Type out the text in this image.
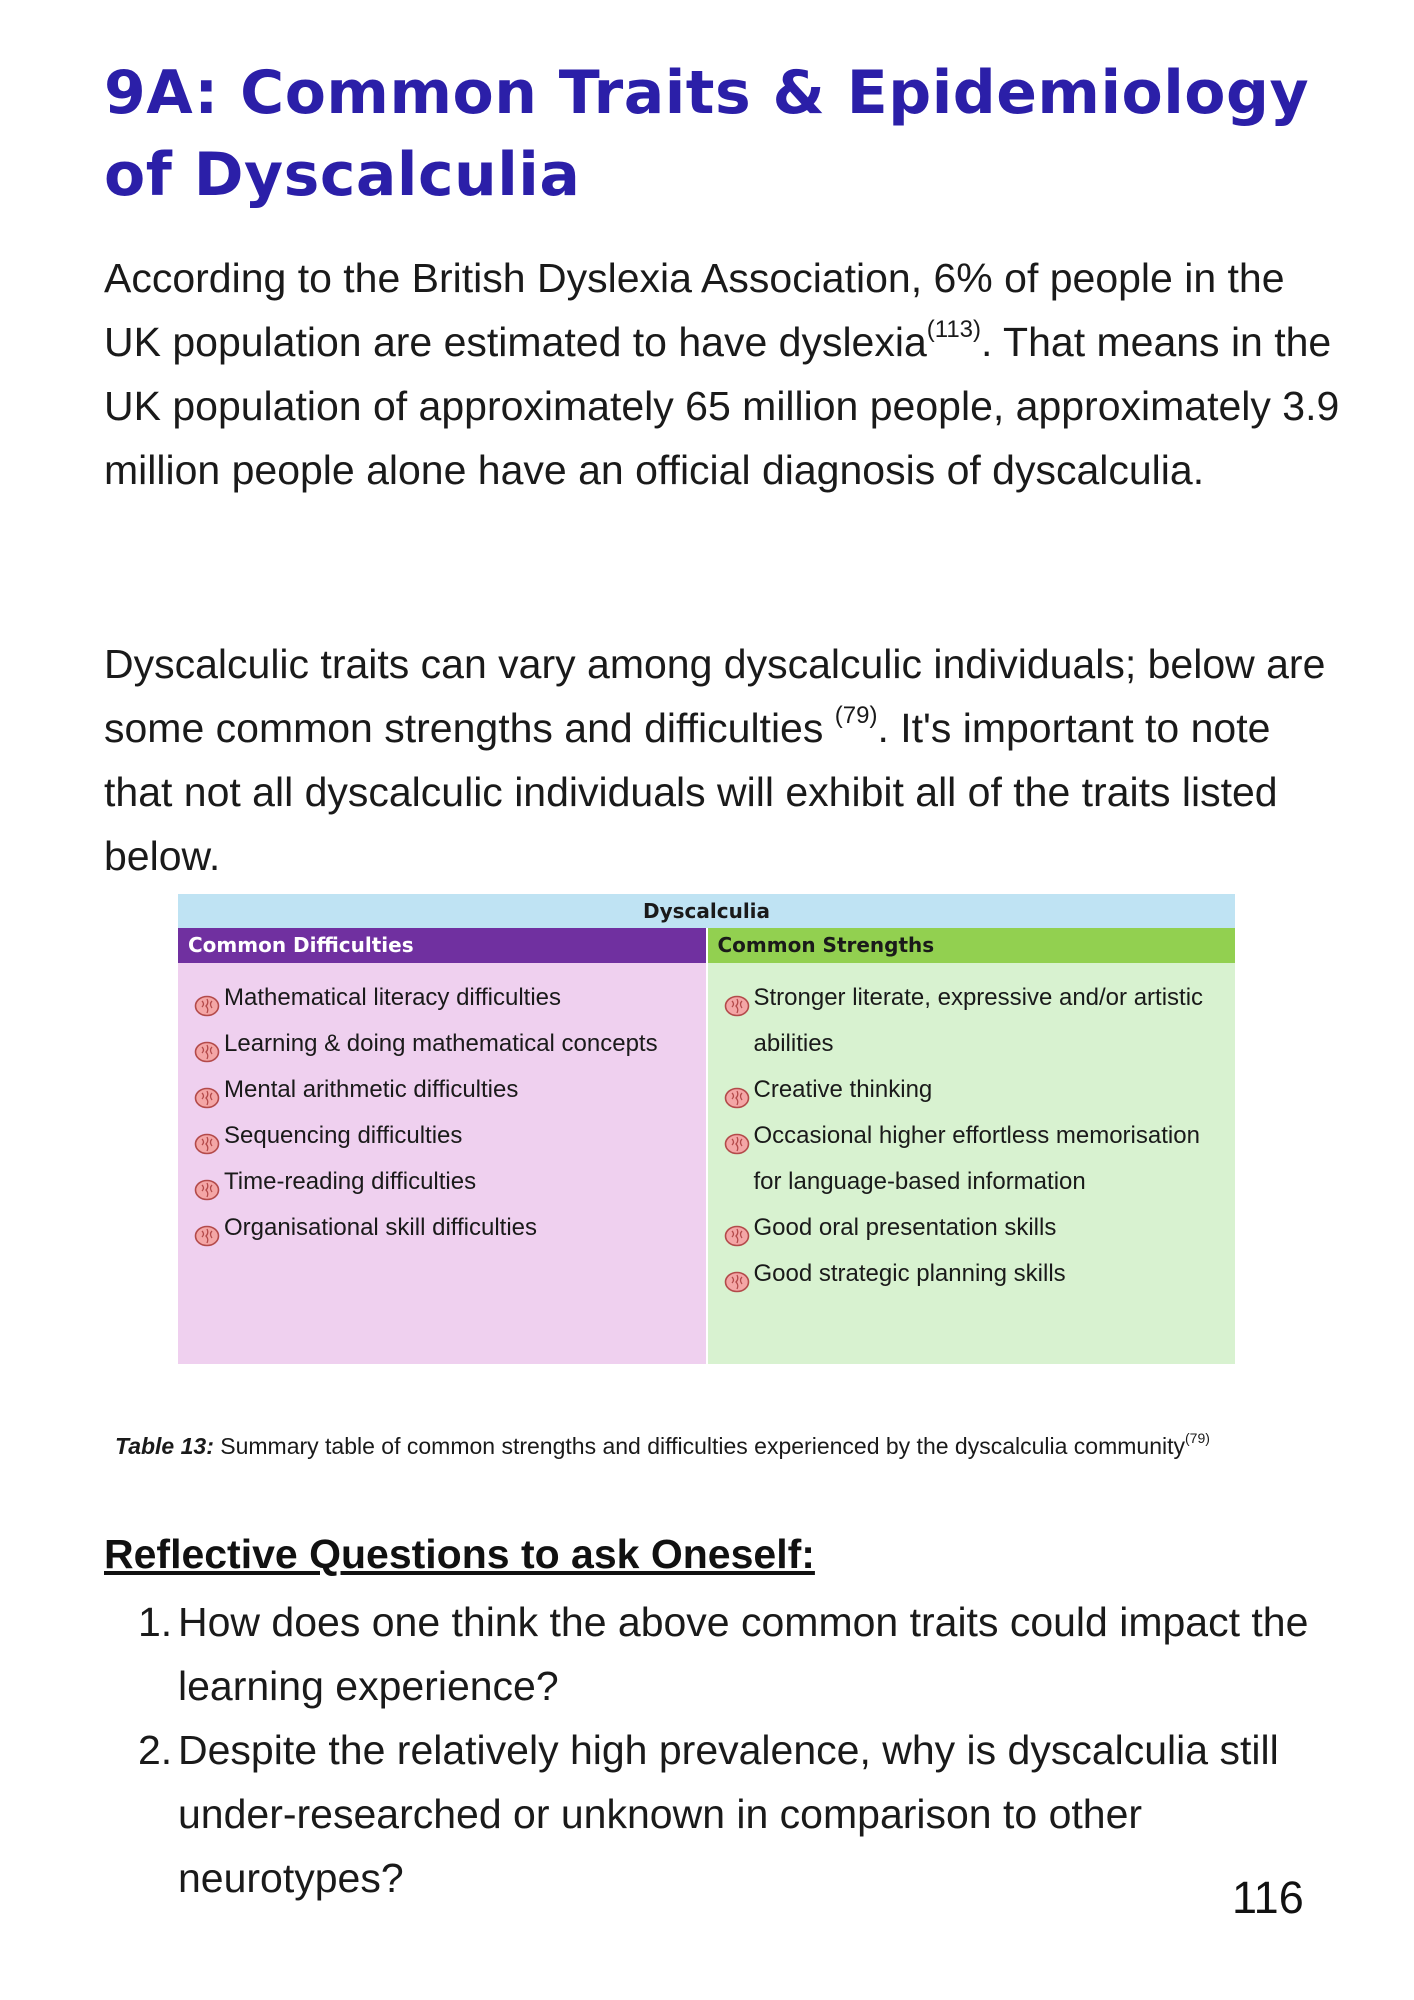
9A: Common Traits & Epidemiology of Dyscalculia

According to the British Dyslexia Association, 6% of people in the UK population are estimated to have dyslexia$^{(113)}$. That means in the UK population of approximately 65 million people, approximately 3.9 million people alone have an official diagnosis of dyscalculia.

Dyscalculic traits can vary among dyscalculic individuals; below are some common strengths and difficulties $^{(79)}$. It's important to note that not all dyscalculic individuals will exhibit all of the traits listed below.

Dyscalculia
Common Difficulties
Mathematical literacy difficulties
Learning & doing mathematical concepts
Mental arithmetic difficulties
Sequencing difficulties
Time-reading difficulties
Organisational skill difficulties
Common Strengths
Stronger literate, expressive and/or artistic abilities
Creative thinking
Occasional higher effortless memorisation for language-based information
Good oral presentation skills
Good strategic planning skills

Table 13: Summary table of common strengths and difficulties experienced by the dyscalculia community$^{(79)}$

Reflective Questions to ask Oneself:
1. How does one think the above common traits could impact the learning experience?
2. Despite the relatively high prevalence, why is dyscalculia still under-researched or unknown in comparison to other neurotypes?	116
